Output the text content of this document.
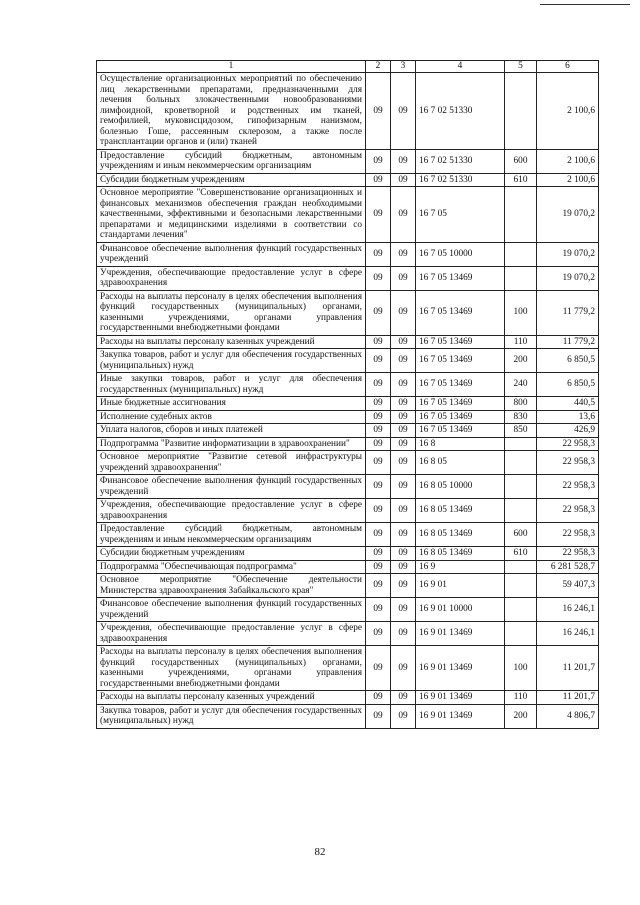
1	2	3	4	5	6
Осуществление организационных мероприятий по обеспечению лиц лекарственными препаратами, предназначенными для лечения больных злокачественными новообразованиями лимфоидной, кроветворной и родственных им тканей, гемофилией, муковисцидозом, гипофизарным нанизмом, болезнью Гоше, рассеянным склерозом, а также после трансплантации органов и (или) тканей	09	09	16 7 02 51330		2 100,6
Предоставление субсидий бюджетным, автономным учреждениям и иным некоммерческим организациям	09	09	16 7 02 51330	600	2 100,6
Субсидии бюджетным учреждениям	09	09	16 7 02 51330	610	2 100,6
Основное мероприятие "Совершенствование организационных и финансовых механизмов обеспечения граждан необходимыми качественными, эффективными и безопасными лекарственными препаратами и медицинскими изделиями в соответствии со стандартами лечения"	09	09	16 7 05		19 070,2
Финансовое обеспечение выполнения функций государственных учреждений	09	09	16 7 05 10000		19 070,2
Учреждения, обеспечивающие предоставление услуг в сфере здравоохранения	09	09	16 7 05 13469		19 070,2
Расходы на выплаты персоналу в целях обеспечения выполнения функций государственных (муниципальных) органами, казенными учреждениями, органами управления государственными внебюджетными фондами	09	09	16 7 05 13469	100	11 779,2
Расходы на выплаты персоналу казенных учреждений	09	09	16 7 05 13469	110	11 779,2
Закупка товаров, работ и услуг для обеспечения государственных (муниципальных) нужд	09	09	16 7 05 13469	200	6 850,5
Иные закупки товаров, работ и услуг для обеспечения государственных (муниципальных) нужд	09	09	16 7 05 13469	240	6 850,5
Иные бюджетные ассигнования	09	09	16 7 05 13469	800	440,5
Исполнение судебных актов	09	09	16 7 05 13469	830	13,6
Уплата налогов, сборов и иных платежей	09	09	16 7 05 13469	850	426,9
Подпрограмма "Развитие информатизации в здравоохранении"	09	09	16 8		22 958,3
Основное мероприятие "Развитие сетевой инфраструктуры учреждений здравоохранения"	09	09	16 8 05		22 958,3
Финансовое обеспечение выполнения функций государственных учреждений	09	09	16 8 05 10000		22 958,3
Учреждения, обеспечивающие предоставление услуг в сфере здравоохранения	09	09	16 8 05 13469		22 958,3
Предоставление субсидий бюджетным, автономным учреждениям и иным некоммерческим организациям	09	09	16 8 05 13469	600	22 958,3
Субсидии бюджетным учреждениям	09	09	16 8 05 13469	610	22 958,3
Подпрограмма "Обеспечивающая подпрограмма"	09	09	16 9		6 281 528,7
Основное мероприятие "Обеспечение деятельности Министерства здравоохранения Забайкальского края"	09	09	16 9 01		59 407,3
Финансовое обеспечение выполнения функций государственных учреждений	09	09	16 9 01 10000		16 246,1
Учреждения, обеспечивающие предоставление услуг в сфере здравоохранения	09	09	16 9 01 13469		16 246,1
Расходы на выплаты персоналу в целях обеспечения выполнения функций государственных (муниципальных) органами, казенными учреждениями, органами управления государственными внебюджетными фондами	09	09	16 9 01 13469	100	11 201,7
Расходы на выплаты персоналу казенных учреждений	09	09	16 9 01 13469	110	11 201,7
Закупка товаров, работ и услуг для обеспечения государственных (муниципальных) нужд	09	09	16 9 01 13469	200	4 806,7
82
